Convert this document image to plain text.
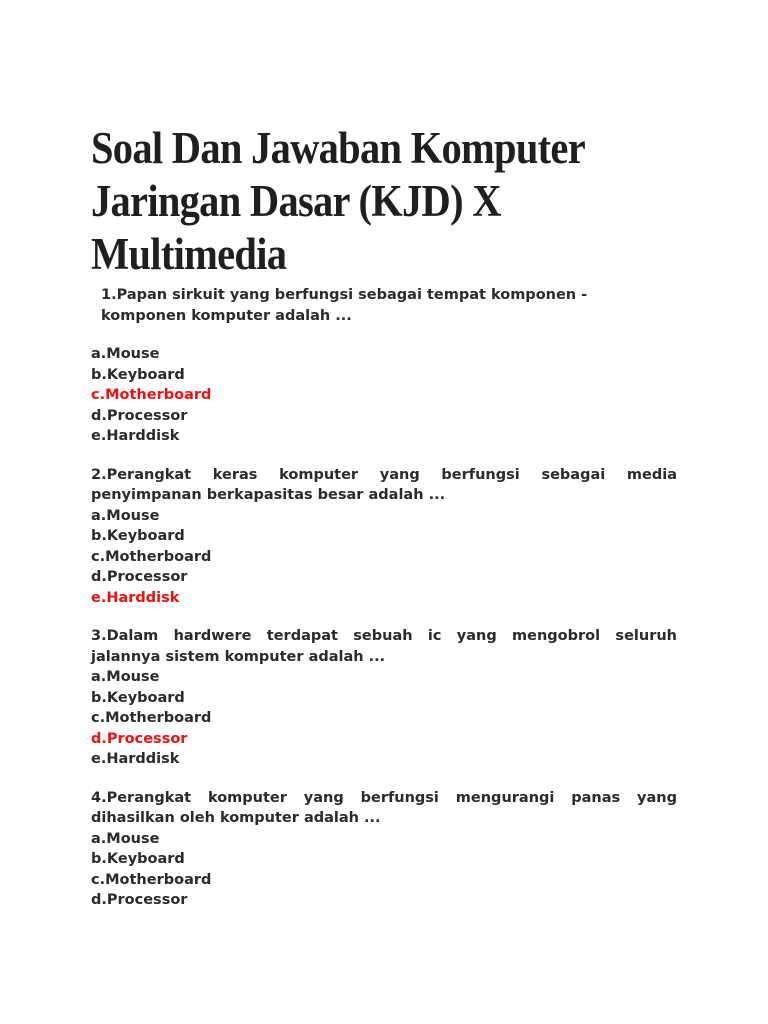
Soal Dan Jawaban Komputer Jaringan Dasar (KJD) X Multimedia

1.Papan sirkuit yang berfungsi sebagai tempat komponen - komponen komputer adalah ...

a.Mouse
b.Keyboard
c.Motherboard
d.Processor
e.Harddisk

2.Perangkat keras komputer yang berfungsi sebagai media penyimpanan berkapasitas besar adalah ...

a.Mouse
b.Keyboard
c.Motherboard
d.Processor
e.Harddisk

3.Dalam hardwere terdapat sebuah ic yang mengobrol seluruh jalannya sistem komputer adalah ...

a.Mouse
b.Keyboard
c.Motherboard
d.Processor
e.Harddisk

4.Perangkat komputer yang berfungsi mengurangi panas yang dihasilkan oleh komputer adalah ...

a.Mouse
b.Keyboard
c.Motherboard
d.Processor
